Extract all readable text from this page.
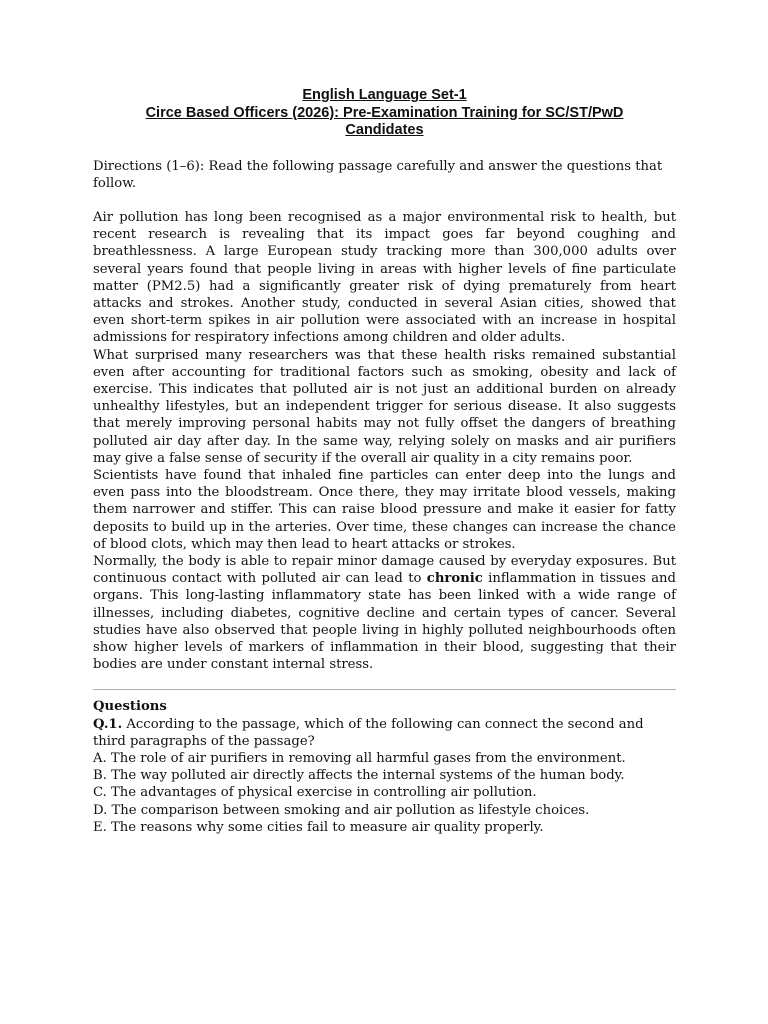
English Language Set-1
Circe Based Officers (2026): Pre-Examination Training for SC/ST/PwD
Candidates
Directions (1–6): Read the following passage carefully and answer the questions that follow.

Air pollution has long been recognised as a major environmental risk to health, but recent research is revealing that its impact goes far beyond coughing and breathlessness. A large European study tracking more than 300,000 adults over several years found that people living in areas with higher levels of fine particulate matter (PM2.5) had a significantly greater risk of dying prematurely from heart attacks and strokes. Another study, conducted in several Asian cities, showed that even short-term spikes in air pollution were associated with an increase in hospital admissions for respiratory infections among children and older adults.

What surprised many researchers was that these health risks remained substantial even after accounting for traditional factors such as smoking, obesity and lack of exercise. This indicates that polluted air is not just an additional burden on already unhealthy lifestyles, but an independent trigger for serious disease. It also suggests that merely improving personal habits may not fully offset the dangers of breathing polluted air day after day. In the same way, relying solely on masks and air purifiers may give a false sense of security if the overall air quality in a city remains poor.

Scientists have found that inhaled fine particles can enter deep into the lungs and even pass into the bloodstream. Once there, they may irritate blood vessels, making them narrower and stiffer. This can raise blood pressure and make it easier for fatty deposits to build up in the arteries. Over time, these changes can increase the chance of blood clots, which may then lead to heart attacks or strokes.

Normally, the body is able to repair minor damage caused by everyday exposures. But continuous contact with polluted air can lead to chronic inflammation in tissues and organs. This long-lasting inflammatory state has been linked with a wide range of illnesses, including diabetes, cognitive decline and certain types of cancer. Several studies have also observed that people living in highly polluted neighbourhoods often show higher levels of markers of inflammation in their blood, suggesting that their bodies are under constant internal stress.

Questions
Q.1. According to the passage, which of the following can connect the second and third paragraphs of the passage?
A. The role of air purifiers in removing all harmful gases from the environment.
B. The way polluted air directly affects the internal systems of the human body.
C. The advantages of physical exercise in controlling air pollution.
D. The comparison between smoking and air pollution as lifestyle choices.
E. The reasons why some cities fail to measure air quality properly.
